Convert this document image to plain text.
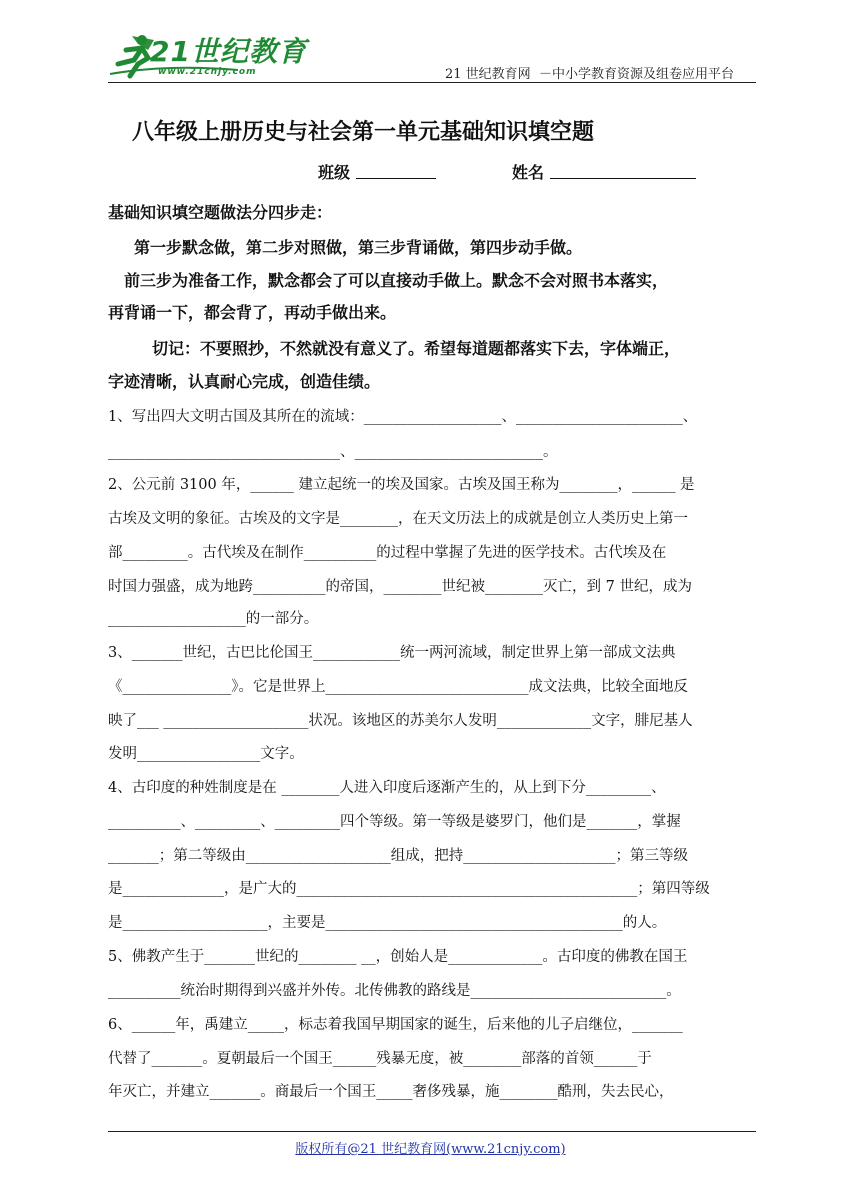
21世纪教育
www.21cnjy.com	21 世纪教育网  －中小学教育资源及组卷应用平台
八年级上册历史与社会第一单元基础知识填空题
班级	姓名
基础知识填空题做法分四步走：
第一步默念做，第二步对照做，第三步背诵做，第四步动手做。
前三步为准备工作，默念都会了可以直接动手做上。默念不会对照书本落实，
再背诵一下，都会背了，再动手做出来。
切记：不要照抄，不然就没有意义了。希望每道题都落实下去，字体端正，
字迹清晰，认真耐心完成，创造佳绩。
1、写出四大文明古国及其所在的流域：___________________、_______________________、
________________________________、__________________________。
2、公元前 3100 年，______ 建立起统一的埃及国家。古埃及国王称为________，______ 是
古埃及文明的象征。古埃及的文字是________，在天文历法上的成就是创立人类历史上第一
部_________。古代埃及在制作__________的过程中掌握了先进的医学技术。古代埃及在
时国力强盛，成为地跨__________的帝国，________世纪被________灭亡，到 7 世纪，成为
___________________的一部分。
3、_______世纪，古巴比伦国王____________统一两河流域，制定世界上第一部成文法典
《_______________》。它是世界上____________________________成文法典，比较全面地反
映了___ ____________________状况。该地区的苏美尔人发明_____________文字，腓尼基人
发明_________________文字。
4、古印度的种姓制度是在 ________人进入印度后逐渐产生的，从上到下分_________、
__________、_________、_________四个等级。第一等级是婆罗门，他们是_______，掌握
_______；第二等级由____________________组成，把持_____________________；第三等级
是______________，是广大的_______________________________________________；第四等级
是____________________，主要是_________________________________________的人。
5、佛教产生于_______世纪的________ __，创始人是_____________。古印度的佛教在国王
__________统治时期得到兴盛并外传。北传佛教的路线是___________________________。
6、______年，禹建立_____，标志着我国早期国家的诞生，后来他的儿子启继位，_______
代替了_______。夏朝最后一个国王______残暴无度，被________部落的首领______于
年灭亡，并建立_______。商最后一个国王_____奢侈残暴，施________酷刑，失去民心，
版权所有@21 世纪教育网(www.21cnjy.com)
